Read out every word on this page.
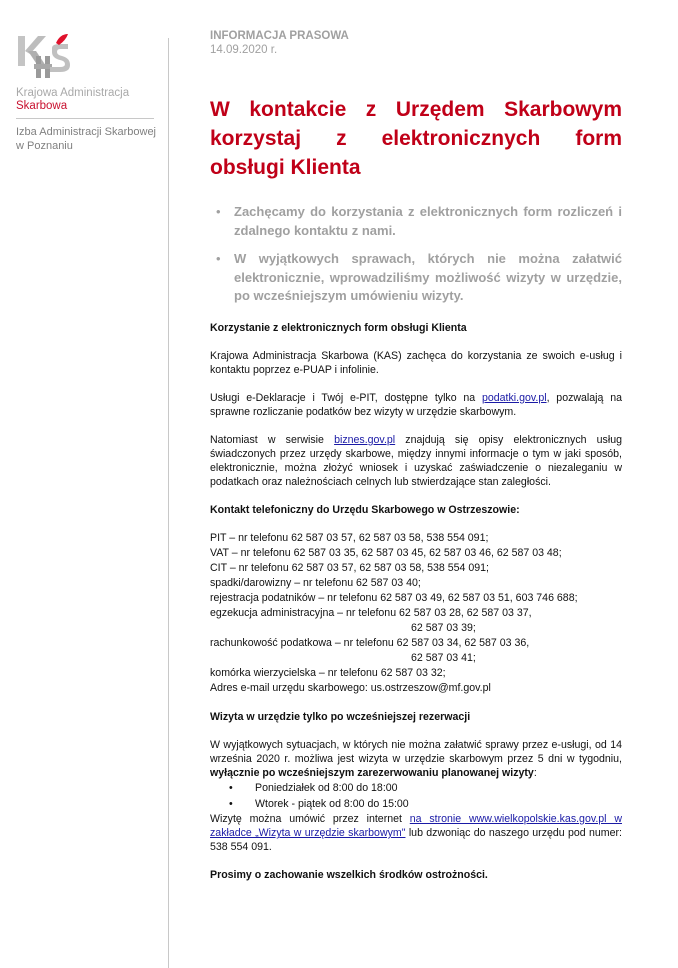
Krajowa Administracja
Skarbowa
Izba Administracji Skarbowej
w Poznaniu
INFORMACJA PRASOWA
14.09.2020 r.
W kontakcie z Urzędem Skarbowym
korzystaj z elektronicznych form
obsługi Klienta
• Zachęcamy do korzystania z elektronicznych form rozliczeń i zdalnego kontaktu z nami.
• W wyjątkowych sprawach, których nie można załatwić elektronicznie, wprowadziliśmy możliwość wizyty w urzędzie, po wcześniejszym umówieniu wizyty.

Korzystanie z elektronicznych form obsługi Klienta

Krajowa Administracja Skarbowa (KAS) zachęca do korzystania ze swoich e-usług i kontaktu poprzez e-PUAP i infolinie.

Usługi e-Deklaracje i Twój e-PIT, dostępne tylko na podatki.gov.pl, pozwalają na sprawne rozliczanie podatków bez wizyty w urzędzie skarbowym.

Natomiast w serwisie biznes.gov.pl znajdują się opisy elektronicznych usług świadczonych przez urzędy skarbowe, między innymi informacje o tym w jaki sposób, elektronicznie, można złożyć wniosek i uzyskać zaświadczenie o niezaleganiu w podatkach oraz należnościach celnych lub stwierdzające stan zaległości.

Kontakt telefoniczny do Urzędu Skarbowego w Ostrzeszowie:

PIT – nr telefonu 62 587 03 57, 62 587 03 58, 538 554 091;
VAT – nr telefonu 62 587 03 35, 62 587 03 45, 62 587 03 46, 62 587 03 48;
CIT – nr telefonu 62 587 03 57, 62 587 03 58, 538 554 091;
spadki/darowizny – nr telefonu 62 587 03 40;
rejestracja podatników – nr telefonu 62 587 03 49, 62 587 03 51, 603 746 688;
egzekucja administracyjna – nr telefonu 62 587 03 28, 62 587 03 37,
62 587 03 39;
rachunkowość podatkowa – nr telefonu 62 587 03 34, 62 587 03 36,
62 587 03 41;
komórka wierzycielska – nr telefonu 62 587 03 32;
Adres e-mail urzędu skarbowego: us.ostrzeszow@mf.gov.pl

Wizyta w urzędzie tylko po wcześniejszej rezerwacji

W wyjątkowych sytuacjach, w których nie można załatwić sprawy przez e-usługi, od 14 września 2020 r. możliwa jest wizyta w urzędzie skarbowym przez 5 dni w tygodniu, wyłącznie po wcześniejszym zarezerwowaniu planowanej wizyty:

• Poniedziałek od 8:00 do 18:00
• Wtorek - piątek od 8:00 do 15:00

Wizytę można umówić przez internet na stronie www.wielkopolskie.kas.gov.pl w zakładce „Wizyta w urzędzie skarbowym" lub dzwoniąc do naszego urzędu pod numer: 538 554 091.

Prosimy o zachowanie wszelkich środków ostrożności.
